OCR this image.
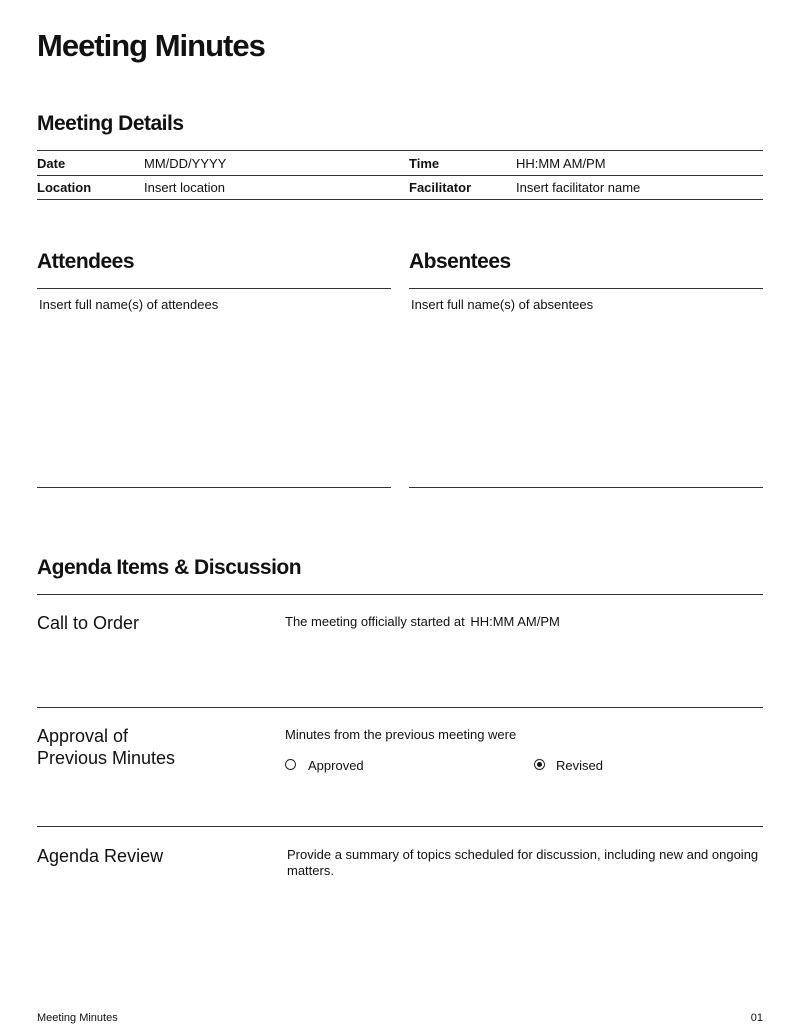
Meeting Minutes
Meeting Details
Date	MM/DD/YYYY	Time	HH:MM AM/PM
Location	Insert location	Facilitator	Insert facilitator name
Attendees
Insert full name(s) of attendees
Absentees
Insert full name(s) of absentees
Agenda Items & Discussion
Call to Order	The meeting officially started at HH:MM AM/PM
Approval of
Previous Minutes
Minutes from the previous meeting were
Approved	Revised
Agenda Review	Provide a summary of topics scheduled for discussion, including new and ongoing matters.
Meeting Minutes	01
